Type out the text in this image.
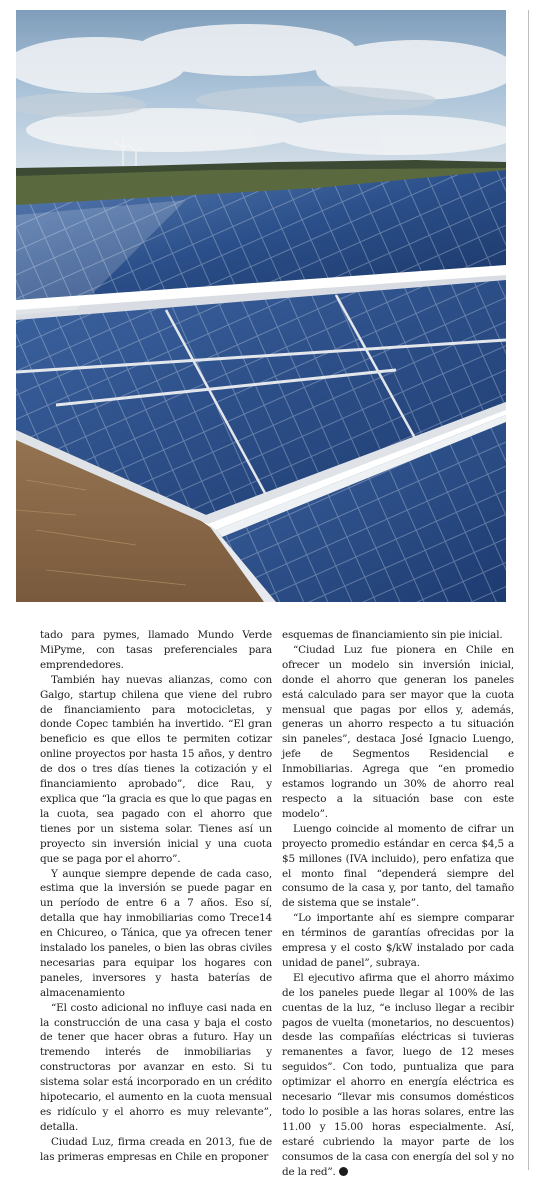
tado para pymes, llamado Mundo Verde MiPyme, con tasas preferenciales para emprendedores.

También hay nuevas alianzas, como con Galgo, startup chilena que viene del rubro de financiamiento para motocicletas, y donde Copec también ha invertido. “El gran beneficio es que ellos te permiten cotizar online proyectos por hasta 15 años, y dentro de dos o tres días tienes la cotización y el financiamiento aprobado”, dice Rau, y explica que “la gracia es que lo que pagas en la cuota, sea pagado con el ahorro que tienes por un sistema solar. Tienes así un proyecto sin inversión inicial y una cuota que se paga por el ahorro”.

Y aunque siempre depende de cada caso, estima que la inversión se puede pagar en un período de entre 6 a 7 años. Eso sí, detalla que hay inmobiliarias como Trece14 en Chicureo, o Tánica, que ya ofrecen tener instalado los paneles, o bien las obras civiles necesarias para equipar los hogares con paneles, inversores y hasta baterías de almacenamiento

“El costo adicional no influye casi nada en la construcción de una casa y baja el costo de tener que hacer obras a futuro. Hay un tremendo interés de inmobiliarias y constructoras por avanzar en esto. Si tu sistema solar está incorporado en un crédito hipotecario, el aumento en la cuota mensual es ridículo y el ahorro es muy relevante”, detalla.

Ciudad Luz, firma creada en 2013, fue de las primeras empresas en Chile en proponer

esquemas de financiamiento sin pie inicial.

“Ciudad Luz fue pionera en Chile en ofrecer un modelo sin inversión inicial, donde el ahorro que generan los paneles está calculado para ser mayor que la cuota mensual que pagas por ellos y, además, generas un ahorro respecto a tu situación sin paneles”, destaca José Ignacio Luengo, jefe de Segmentos Residencial e Inmobiliarias. Agrega que “en promedio estamos logrando un 30% de ahorro real respecto a la situación base con este modelo”.

Luengo coincide al momento de cifrar un proyecto promedio estándar en cerca $4,5 a $5 millones (IVA incluido), pero enfatiza que el monto final “dependerá siempre del consumo de la casa y, por tanto, del tamaño de sistema que se instale”.

“Lo importante ahí es siempre comparar en términos de garantías ofrecidas por la empresa y el costo $/kW instalado por cada unidad de panel”, subraya.

El ejecutivo afirma que el ahorro máximo de los paneles puede llegar al 100% de las cuentas de la luz, “e incluso llegar a recibir pagos de vuelta (monetarios, no descuentos) desde las compañías eléctricas si tuvieras remanentes a favor, luego de 12 meses seguidos”. Con todo, puntualiza que para optimizar el ahorro en energía eléctrica es necesario “llevar mis consumos domésticos todo lo posible a las horas solares, entre las 11.00 y 15.00 horas especialmente. Así, estaré cubriendo la mayor parte de los consumos de la casa con energía del sol y no de la red”.
